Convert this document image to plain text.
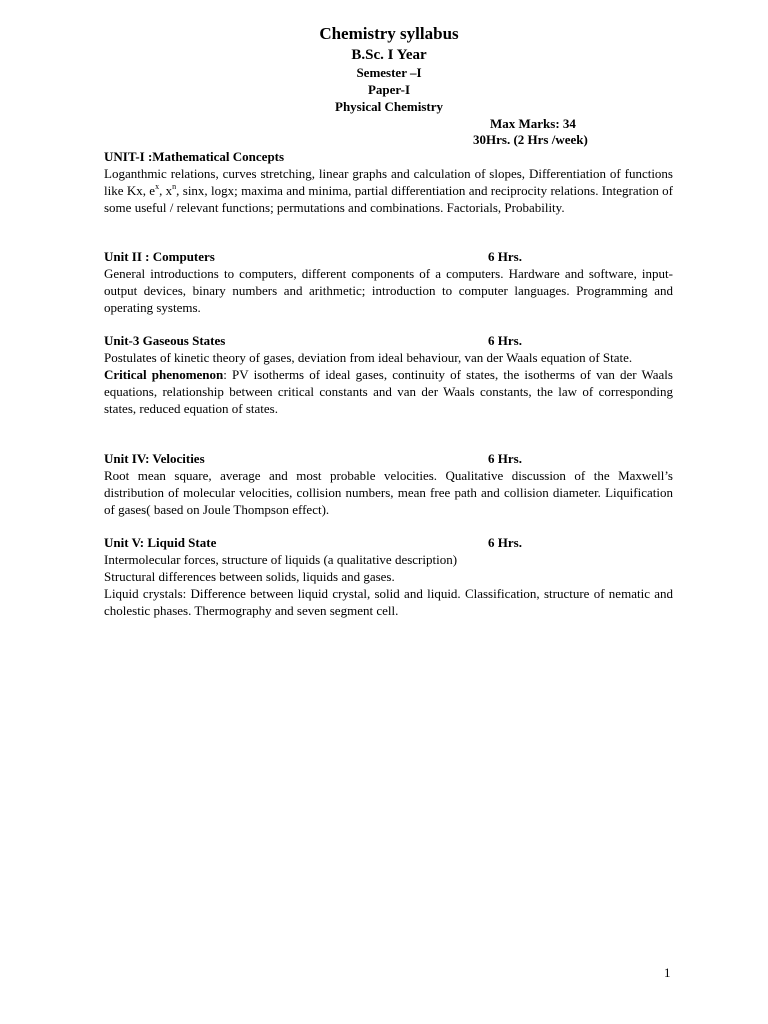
Chemistry syllabus
B.Sc. I Year
Semester –I
Paper-I
Physical Chemistry
Max Marks: 34
30Hrs. (2 Hrs /week)
UNIT-I :Mathematical Concepts

Loganthmic relations, curves stretching, linear graphs and calculation of slopes, Differentiation of functions like Kx, $e^x$, $x^n$, sinx, logx; maxima and minima, partial differentiation and reciprocity relations. Integration of some useful / relevant functions; permutations and combinations. Factorials, Probability.

Unit II : Computers	6 Hrs.

General introductions to computers, different components of a computers. Hardware and software, input-output devices, binary numbers and arithmetic; introduction to computer languages. Programming and operating systems.

Unit-3 Gaseous States	6 Hrs.

Postulates of kinetic theory of gases, deviation from ideal behaviour, van der Waals equation of State.

Critical phenomenon: PV isotherms of ideal gases, continuity of states, the isotherms of van der Waals equations, relationship between critical constants and van der Waals constants, the law of corresponding states, reduced equation of states.

Unit IV: Velocities	6 Hrs.

Root mean square, average and most probable velocities. Qualitative discussion of the Maxwell’s distribution of molecular velocities, collision numbers, mean free path and collision diameter. Liquification of gases( based on Joule Thompson effect).

Unit V: Liquid State	6 Hrs.

Intermolecular forces, structure of liquids (a qualitative description)

Structural differences between solids, liquids and gases.

Liquid crystals: Difference between liquid crystal, solid and liquid. Classification, structure of nematic and cholestic phases. Thermography and seven segment cell.

1
